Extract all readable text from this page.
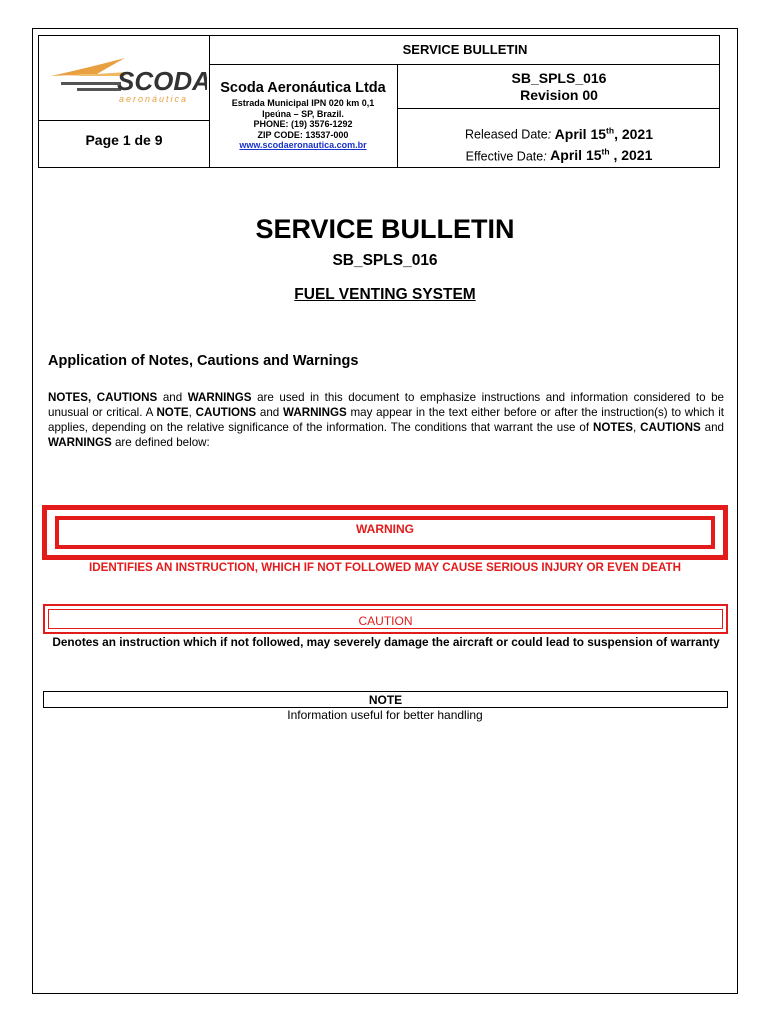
SCODA
aeronáutica
Page 1 de 9
SERVICE BULLETIN
Scoda Aeronáutica Ltda
Estrada Municipal IPN 020 km 0,1
Ipeúna – SP, Brazil.
PHONE: (19) 3576-1292
ZIP CODE: 13537-000
www.scodaeronautica.com.br
SB_SPLS_016
Revision 00
Released Date: April 15th, 2021
Effective Date: April 15th , 2021
SERVICE BULLETIN
SB_SPLS_016
FUEL VENTING SYSTEM
Application of Notes, Cautions and Warnings
NOTES, CAUTIONS and WARNINGS are used in this document to emphasize instructions and information considered to be unusual or critical. A NOTE, CAUTIONS and WARNINGS may appear in the text either before or after the instruction(s) to which it applies, depending on the relative significance of the information. The conditions that warrant the use of NOTES, CAUTIONS and WARNINGS are defined below:
WARNING
IDENTIFIES AN INSTRUCTION, WHICH IF NOT FOLLOWED MAY CAUSE SERIOUS INJURY OR EVEN DEATH
CAUTION
Denotes an instruction which if not followed, may severely damage the aircraft or could lead to suspension of warranty
NOTE
Information useful for better handling
